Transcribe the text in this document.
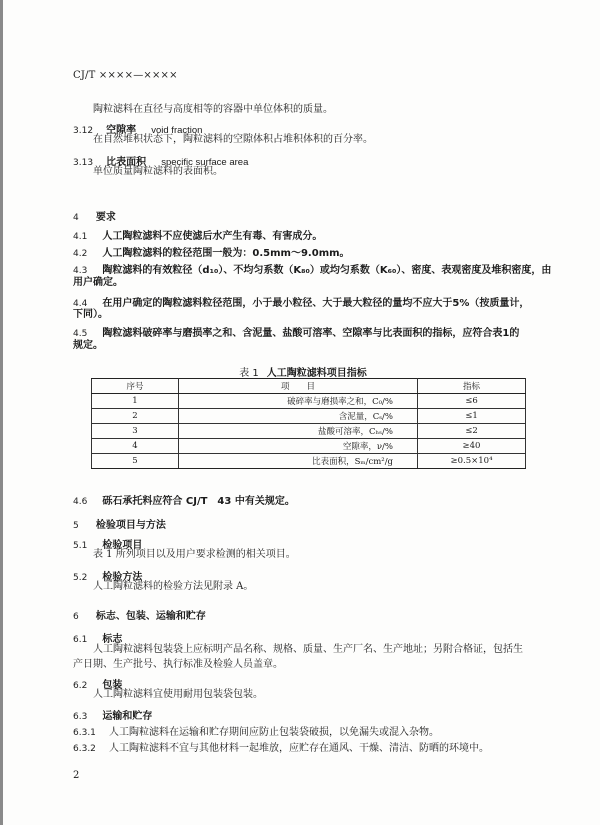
CJ/T ××××—××××
陶粒滤料在直径与高度相等的容器中单位体积的质量。
3.12 空隙率 void fraction
在自然堆积状态下，陶粒滤料的空隙体积占堆积体积的百分率。
3.13 比表面积 specific surface area
单位质量陶粒滤料的表面积。
4 要求
4.1 人工陶粒滤料不应使滤后水产生有毒、有害成分。
4.2 人工陶粒滤料的粒径范围一般为：0.5mm～9.0mm。
4.3 陶粒滤料的有效粒径（d₁₀）、不均匀系数（K₈₀）或均匀系数（K₆₀）、密度、表观密度及堆积密度，由
用户确定。
4.4 在用户确定的陶粒滤料粒径范围，小于最小粒径、大于最大粒径的量均不应大于5%（按质量计，
下同）。
4.5 陶粒滤料破碎率与磨损率之和、含泥量、盐酸可溶率、空隙率与比表面积的指标，应符合表1的
规定。
表 1 人工陶粒滤料项目指标
序号	项　　目	指标
1	破碎率与磨损率之和，C₀/%	≤6
2	含泥量，Cₛ/%	≤1
3	盐酸可溶率，Cₕₛ/%	≤2
4	空隙率，ν/%	≥40
5	比表面积，Sₘ/cm²/g	≥0.5×10⁴
4.6 砾石承托料应符合 CJ/T　43 中有关规定。
5 检验项目与方法
5.1 检验项目
表 1 所列项目以及用户要求检测的相关项目。
5.2 检验方法
人工陶粒滤料的检验方法见附录 A。
6 标志、包装、运输和贮存
6.1 标志
人工陶粒滤料包装袋上应标明产品名称、规格、质量、生产厂名、生产地址；另附合格证，包括生
产日期、生产批号、执行标准及检验人员盖章。
6.2 包装
人工陶粒滤料宜使用耐用包装袋包装。
6.3 运输和贮存
6.3.1 人工陶粒滤料在运输和贮存期间应防止包装袋破损，以免漏失或混入杂物。
6.3.2 人工陶粒滤料不宜与其他材料一起堆放，应贮存在通风、干燥、清洁、防晒的环境中。
2
